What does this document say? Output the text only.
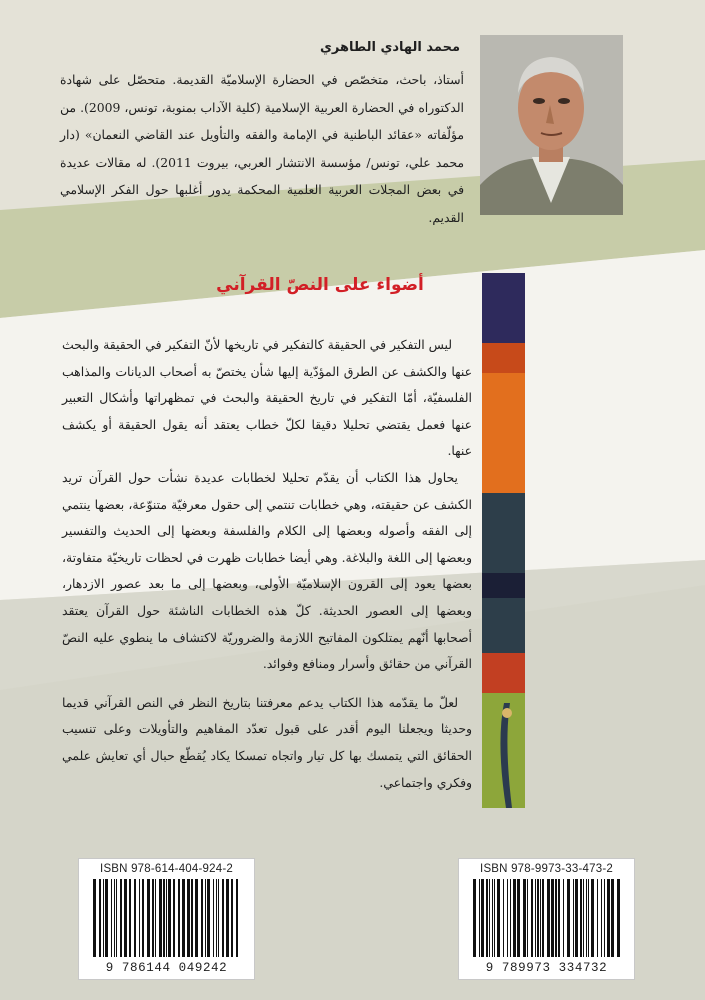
محمد الهادي الطاهري
أستاذ، باحث، متخصّص في الحضارة الإسلاميّة القديمة. متحصّل على شهادة الدكتوراه في الحضارة العربية الإسلامية (كلية الآداب بمنوبة، تونس، 2009). من مؤلّفاته «عقائد الباطنية في الإمامة والفقه والتأويل عند القاضي النعمان» (دار محمد علي، تونس/ مؤسسة الانتشار العربي، بيروت 2011). له مقالات عديدة في بعض المجلات العربية العلمية المحكمة يدور أغلبها حول الفكر الإسلامي القديم.
أضواء على النصّ القرآني

ليس التفكير في الحقيقة كالتفكير في تاريخها لأنّ التفكير في الحقيقة والبحث عنها والكشف عن الطرق المؤدّية إليها شأن يختصّ به أصحاب الديانات والمذاهب الفلسفيّة، أمّا التفكير في تاريخ الحقيقة والبحث في تمظهراتها وأشكال التعبير عنها فعمل يقتضي تحليلا دقيقا لكلّ خطاب يعتقد أنه يقول الحقيقة أو يكشف عنها.

يحاول هذا الكتاب أن يقدّم تحليلا لخطابات عديدة نشأت حول القرآن تريد الكشف عن حقيقته، وهي خطابات تنتمي إلى حقول معرفيّة متنوّعة، بعضها ينتمي إلى الفقه وأصوله وبعضها إلى الكلام والفلسفة وبعضها إلى الحديث والتفسير وبعضها إلى اللغة والبلاغة. وهي أيضا خطابات ظهرت في لحظات تاريخيّة متفاوتة، بعضها يعود إلى القرون الإسلاميّة الأولى، وبعضها إلى ما بعد عصور الازدهار، وبعضها إلى العصور الحديثة. كلّ هذه الخطابات الناشئة حول القرآن يعتقد أصحابها أنّهم يمتلكون المفاتيح اللازمة والضروريّة لاكتشاف ما ينطوي عليه النصّ القرآني من حقائق وأسرار ومنافع وفوائد.

لعلّ ما يقدّمه هذا الكتاب يدعم معرفتنا بتاريخ النظر في النص القرآني قديما وحديثا ويجعلنا اليوم أقدر على قبول تعدّد المفاهيم والتأويلات وعلى تنسيب الحقائق التي يتمسك بها كل تيار واتجاه تمسكا يكاد يُقطّع حبال أي تعايش علمي وفكري واجتماعي.

ISBN 978-614-404-924-2
9 786144 049242
ISBN 978-9973-33-473-2
9 789973 334732
